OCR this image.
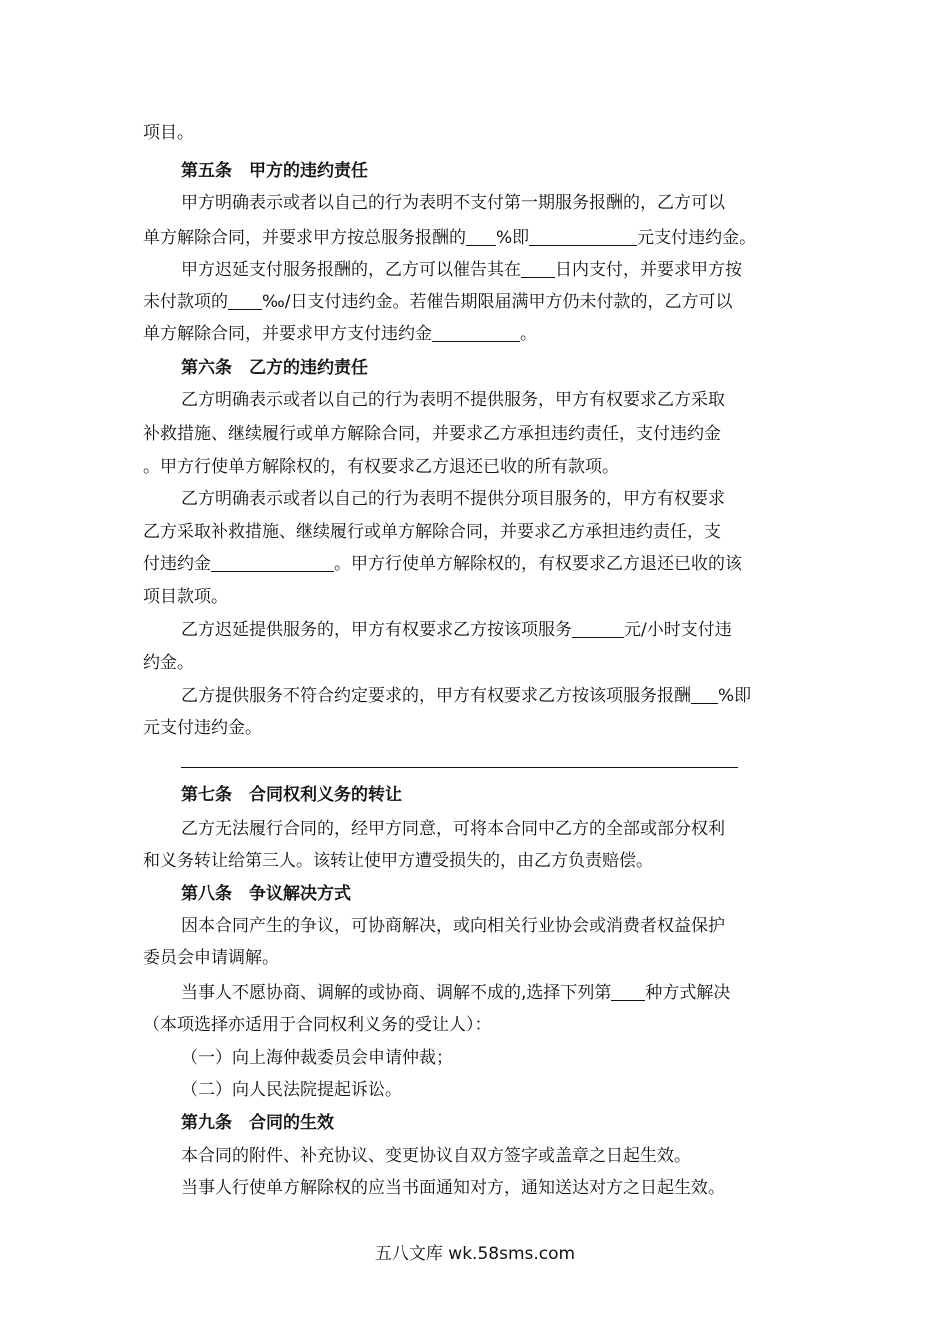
项目。
第五条　甲方的违约责任
甲方明确表示或者以自己的行为表明不支付第一期服务报酬的，乙方可以
单方解除合同，并要求甲方按总服务报酬的 %即	元支付违约金。
甲方迟延支付服务报酬的，乙方可以催告其在 日内支付，并要求甲方按
未付款项的 ‰/日支付违约金。若催告期限届满甲方仍未付款的，乙方可以
单方解除合同，并要求甲方支付违约金	。
第六条　乙方的违约责任
乙方明确表示或者以自己的行为表明不提供服务，甲方有权要求乙方采取
补救措施、继续履行或单方解除合同，并要求乙方承担违约责任，支付违约金
。甲方行使单方解除权的，有权要求乙方退还已收的所有款项。
乙方明确表示或者以自己的行为表明不提供分项目服务的，甲方有权要求
乙方采取补救措施、继续履行或单方解除合同，并要求乙方承担违约责任，支
付违约金	。甲方行使单方解除权的，有权要求乙方退还已收的该
项目款项。
乙方迟延提供服务的，甲方有权要求乙方按该项服务	元/小时支付违
约金。
乙方提供服务不符合约定要求的，甲方有权要求乙方按该项服务报酬 %即
元支付违约金。
第七条　合同权利义务的转让
乙方无法履行合同的，经甲方同意，可将本合同中乙方的全部或部分权利
和义务转让给第三人。该转让使甲方遭受损失的，由乙方负责赔偿。
第八条　争议解决方式
因本合同产生的争议，可协商解决，或向相关行业协会或消费者权益保护
委员会申请调解。
当事人不愿协商、调解的或协商、调解不成的,选择下列第 种方式解决
（本项选择亦适用于合同权利义务的受让人）：
（一）向上海仲裁委员会申请仲裁；
（二）向人民法院提起诉讼。
第九条　合同的生效
本合同的附件、补充协议、变更协议自双方签字或盖章之日起生效。
当事人行使单方解除权的应当书面通知对方，通知送达对方之日起生效。
五八文库 wk.58sms.com
